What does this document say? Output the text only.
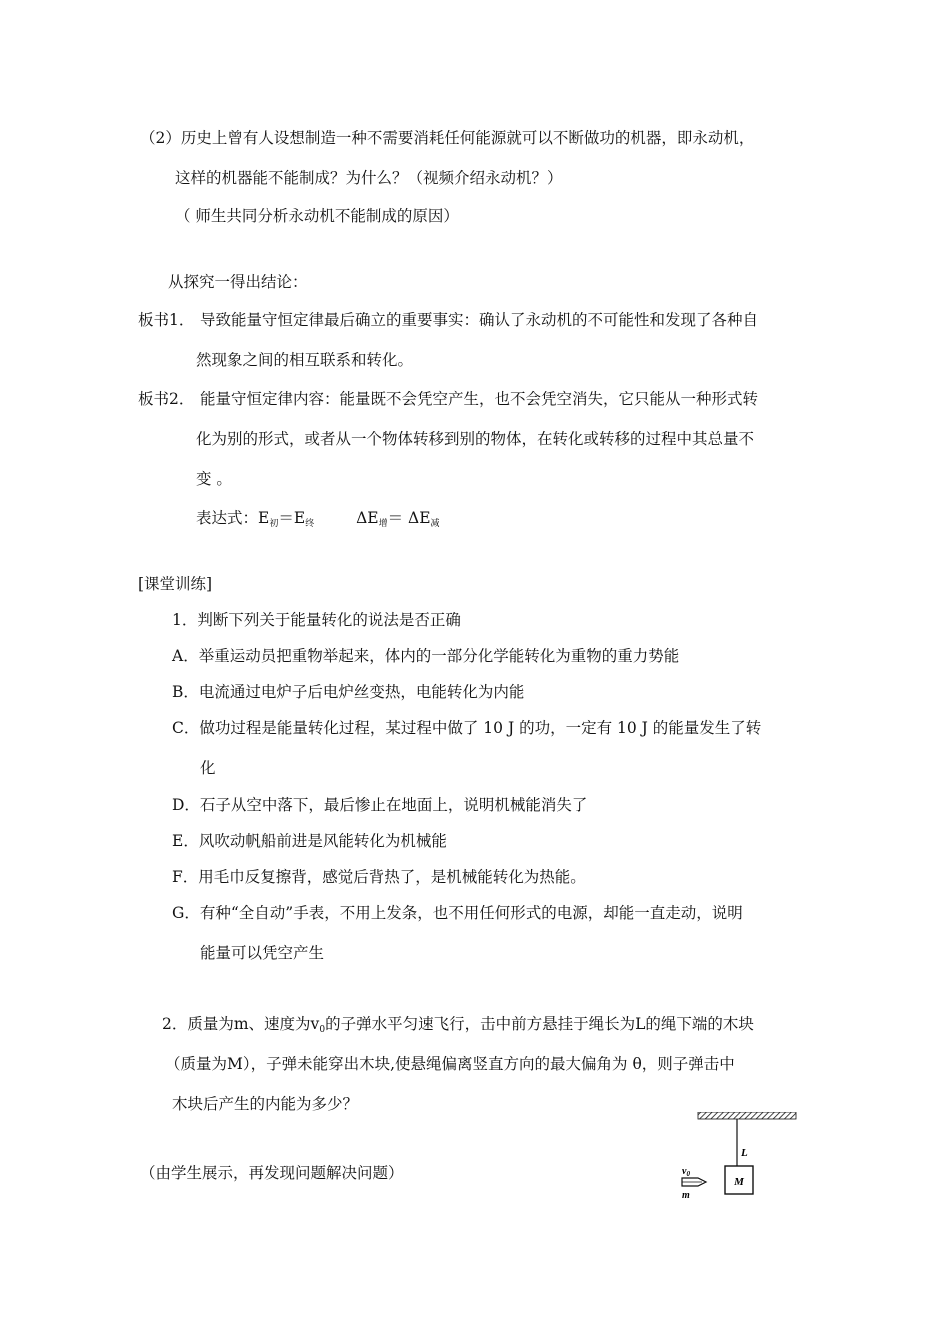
（2）历史上曾有人设想制造一种不需要消耗任何能源就可以不断做功的机器，即永动机，
这样的机器能不能制成？为什么？（视频介绍永动机？）
（ 师生共同分析永动机不能制成的原因）
从探究一得出结论：
板书1． 导致能量守恒定律最后确立的重要事实：确认了永动机的不可能性和发现了各种自
然现象之间的相互联系和转化。
板书2． 能量守恒定律内容：能量既不会凭空产生，也不会凭空消失，它只能从一种形式转
化为别的形式，或者从一个物体转移到别的物体，在转化或转移的过程中其总量不
变 。
表达式：$E_初=E_终$	$\Delta E_增= \Delta E_减$
[课堂训练]
1．判断下列关于能量转化的说法是否正确
A．举重运动员把重物举起来，体内的一部分化学能转化为重物的重力势能
B．电流通过电炉子后电炉丝变热，电能转化为内能
C．做功过程是能量转化过程，某过程中做了 10 J 的功，一定有 10 J 的能量发生了转
化
D．石子从空中落下，最后惨止在地面上，说明机械能消失了
E．风吹动帆船前进是风能转化为机械能
F．用毛巾反复擦背，感觉后背热了，是机械能转化为热能。
G．有种“全自动”手表，不用上发条，也不用任何形式的电源，却能一直走动，说明
能量可以凭空产生
2．质量为m、速度为$v_0$的子弹水平匀速飞行，击中前方悬挂于绳长为L的绳下端的木块
（质量为M），子弹未能穿出木块,使悬绳偏离竖直方向的最大偏角为 θ，则子弹击中
木块后产生的内能为多少？
（由学生展示，再发现问题解决问题）
L
M
$v_0$
m
